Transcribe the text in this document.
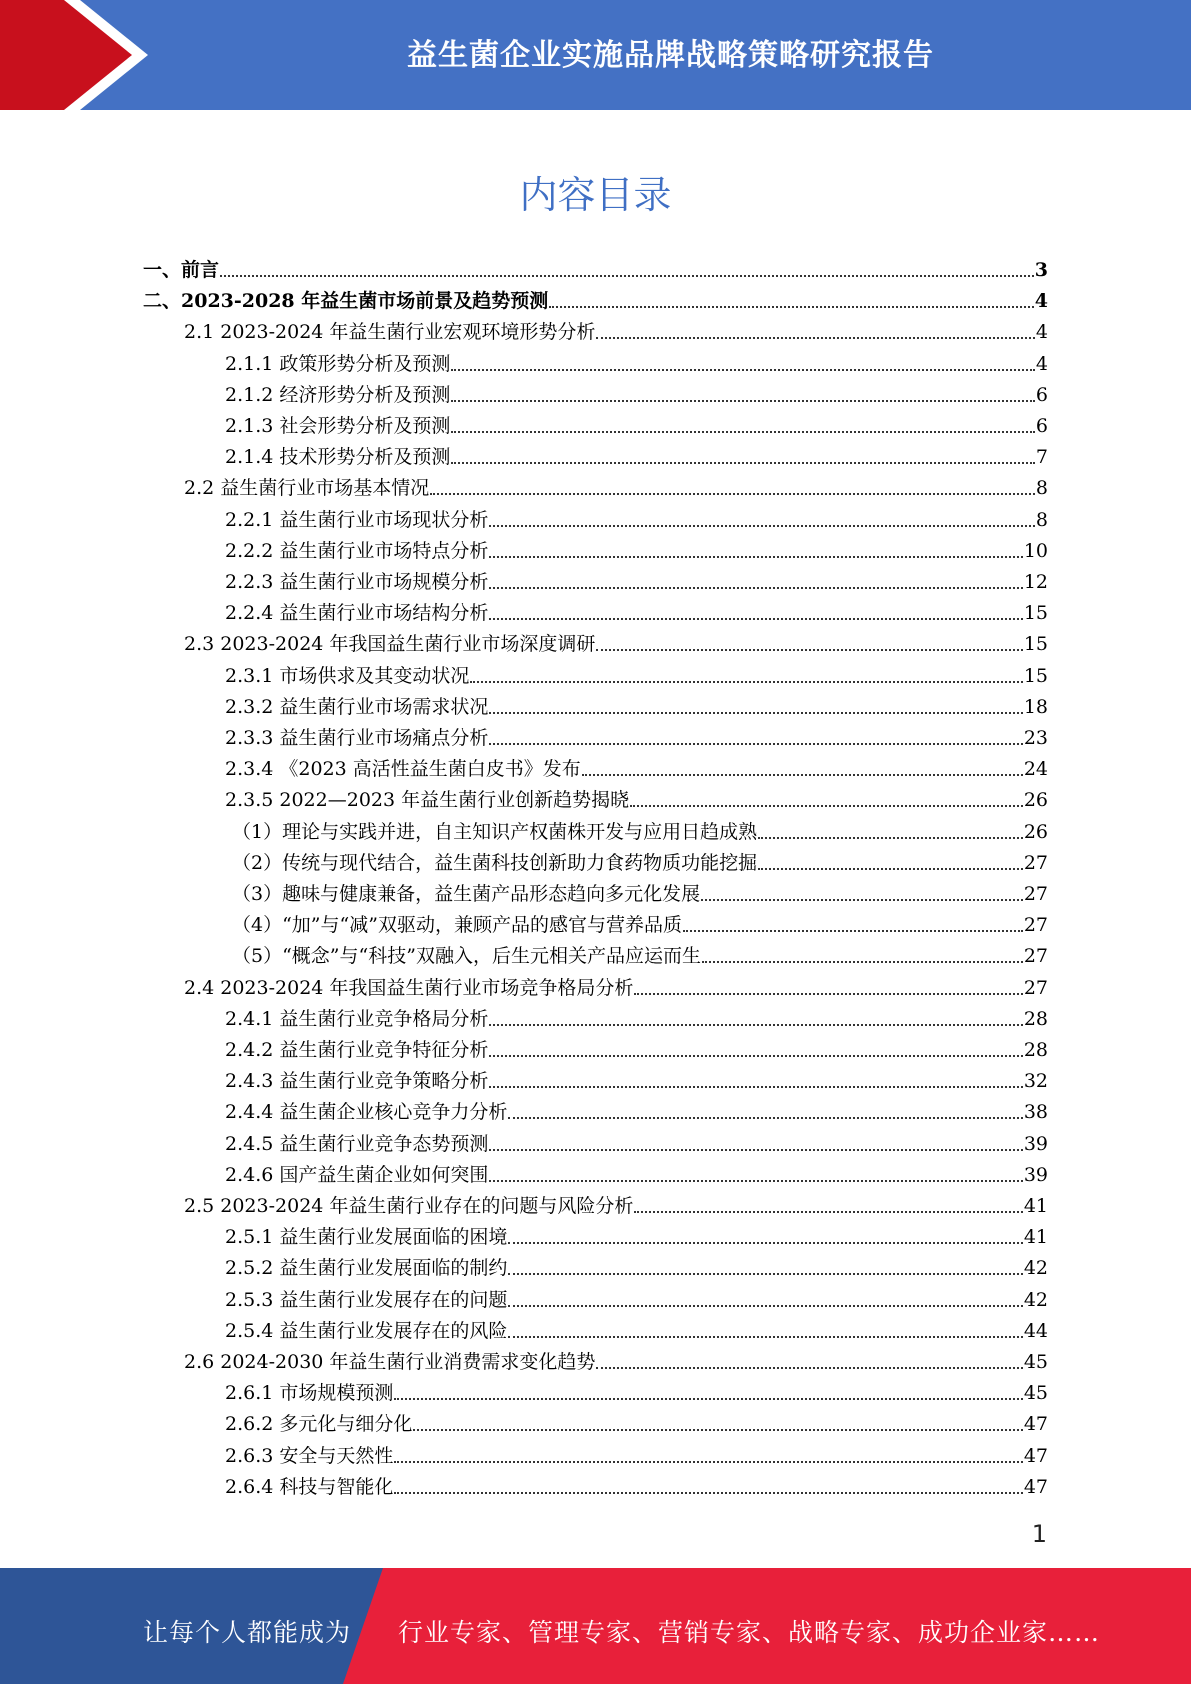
益生菌企业实施品牌战略策略研究报告
内容目录
一、前言	3
二、2023-2028 年益生菌市场前景及趋势预测	4
2.1 2023-2024 年益生菌行业宏观环境形势分析	4
2.1.1 政策形势分析及预测	4
2.1.2 经济形势分析及预测	6
2.1.3 社会形势分析及预测	6
2.1.4 技术形势分析及预测	7
2.2 益生菌行业市场基本情况	8
2.2.1 益生菌行业市场现状分析	8
2.2.2 益生菌行业市场特点分析	10
2.2.3 益生菌行业市场规模分析	12
2.2.4 益生菌行业市场结构分析	15
2.3 2023-2024 年我国益生菌行业市场深度调研	15
2.3.1 市场供求及其变动状况	15
2.3.2 益生菌行业市场需求状况	18
2.3.3 益生菌行业市场痛点分析	23
2.3.4 《2023 高活性益生菌白皮书》发布	24
2.3.5 2022—2023 年益生菌行业创新趋势揭晓	26
（1）理论与实践并进，自主知识产权菌株开发与应用日趋成熟	26
（2）传统与现代结合，益生菌科技创新助力食药物质功能挖掘	27
（3）趣味与健康兼备，益生菌产品形态趋向多元化发展	27
（4）“加”与“减”双驱动，兼顾产品的感官与营养品质	27
（5）“概念”与“科技”双融入，后生元相关产品应运而生	27
2.4 2023-2024 年我国益生菌行业市场竞争格局分析	27
2.4.1 益生菌行业竞争格局分析	28
2.4.2 益生菌行业竞争特征分析	28
2.4.3 益生菌行业竞争策略分析	32
2.4.4 益生菌企业核心竞争力分析	38
2.4.5 益生菌行业竞争态势预测	39
2.4.6 国产益生菌企业如何突围	39
2.5 2023-2024 年益生菌行业存在的问题与风险分析	41
2.5.1 益生菌行业发展面临的困境	41
2.5.2 益生菌行业发展面临的制约	42
2.5.3 益生菌行业发展存在的问题	42
2.5.4 益生菌行业发展存在的风险	44
2.6 2024-2030 年益生菌行业消费需求变化趋势	45
2.6.1 市场规模预测	45
2.6.2 多元化与细分化	47
2.6.3 安全与天然性	47
2.6.4 科技与智能化	47
1
让每个人都能成为 行业专家、管理专家、营销专家、战略专家、成功企业家……
